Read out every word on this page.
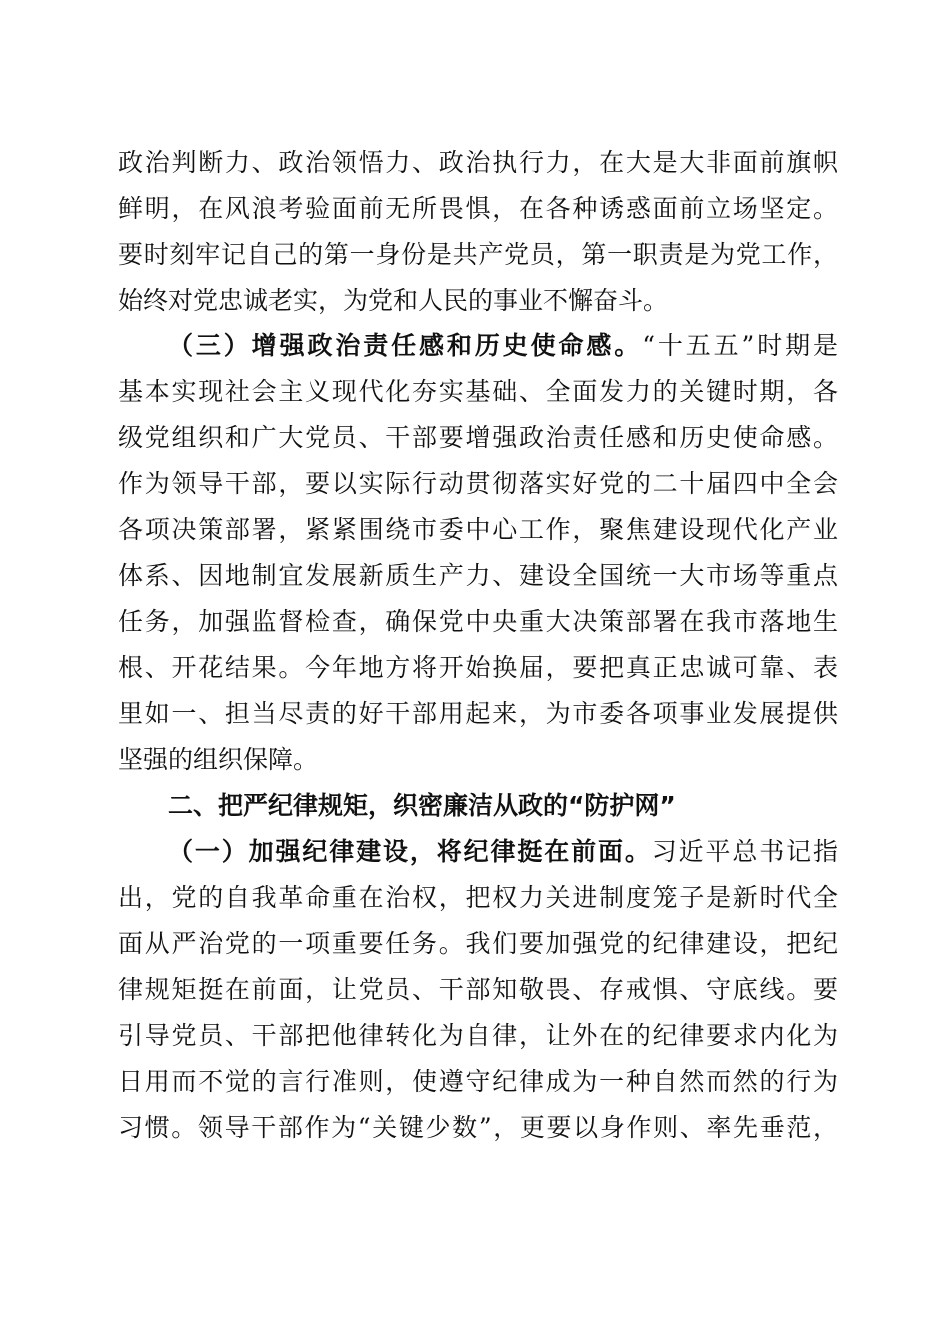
政治判断力、政治领悟力、政治执行力，在大是大非面前旗帜
鲜明，在风浪考验面前无所畏惧，在各种诱惑面前立场坚定。
要时刻牢记自己的第一身份是共产党员，第一职责是为党工作，
始终对党忠诚老实，为党和人民的事业不懈奋斗。
（三）增强政治责任感和历史使命感。“十五五”时期是
基本实现社会主义现代化夯实基础、全面发力的关键时期，各
级党组织和广大党员、干部要增强政治责任感和历史使命感。
作为领导干部，要以实际行动贯彻落实好党的二十届四中全会
各项决策部署，紧紧围绕市委中心工作，聚焦建设现代化产业
体系、因地制宜发展新质生产力、建设全国统一大市场等重点
任务，加强监督检查，确保党中央重大决策部署在我市落地生
根、开花结果。今年地方将开始换届，要把真正忠诚可靠、表
里如一、担当尽责的好干部用起来，为市委各项事业发展提供
坚强的组织保障。
二、把严纪律规矩，织密廉洁从政的“防护网”
（一）加强纪律建设，将纪律挺在前面。习近平总书记指
出，党的自我革命重在治权，把权力关进制度笼子是新时代全
面从严治党的一项重要任务。我们要加强党的纪律建设，把纪
律规矩挺在前面，让党员、干部知敬畏、存戒惧、守底线。要
引导党员、干部把他律转化为自律，让外在的纪律要求内化为
日用而不觉的言行准则，使遵守纪律成为一种自然而然的行为
习惯。领导干部作为“关键少数”，更要以身作则、率先垂范，
